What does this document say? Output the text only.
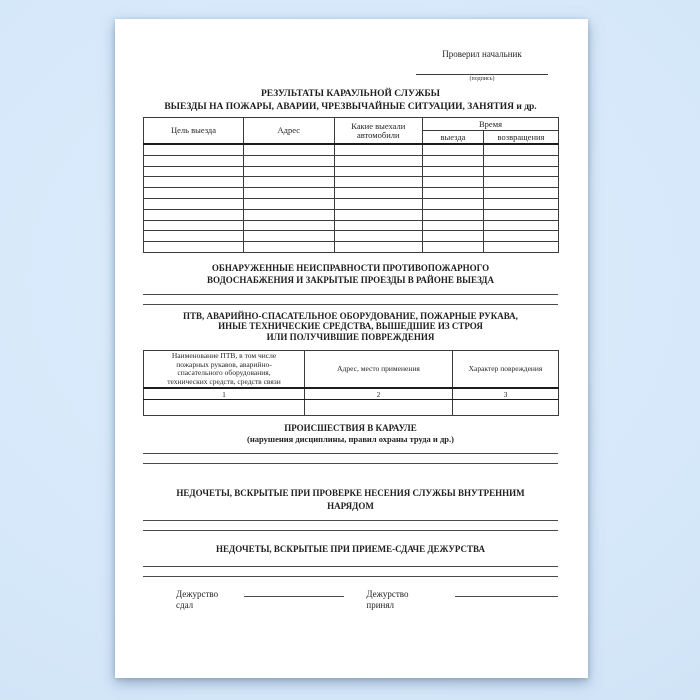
Проверил начальник
(подпись)
РЕЗУЛЬТАТЫ КАРАУЛЬНОЙ СЛУЖБЫ
ВЫЕЗДЫ НА ПОЖАРЫ, АВАРИИ, ЧРЕЗВЫЧАЙНЫЕ СИТУАЦИИ, ЗАНЯТИЯ и др.
Цель выезда	Адрес	Какие выехали автомобили	Время	
			выезда	возвращения

ОБНАРУЖЕННЫЕ НЕИСПРАВНОСТИ ПРОТИВОПОЖАРНОГО
ВОДОСНАБЖЕНИЯ И ЗАКРЫТЫЕ ПРОЕЗДЫ В РАЙОНЕ ВЫЕЗДА
ПТВ, АВАРИЙНО-СПАСАТЕЛЬНОЕ ОБОРУДОВАНИЕ, ПОЖАРНЫЕ РУКАВА,
ИНЫЕ ТЕХНИЧЕСКИЕ СРЕДСТВА, ВЫШЕДШИЕ ИЗ СТРОЯ
ИЛИ ПОЛУЧИВШИЕ ПОВРЕЖДЕНИЯ
Наименование ПТВ, в том числе
пожарных рукавов, аварийно-
спасательного оборудования,
технических средств, средств связи	Адрес, место применения	Характер повреждения
1	2	3

ПРОИСШЕСТВИЯ В КАРАУЛЕ
(нарушения дисциплины, правил охраны труда и др.)
НЕДОЧЕТЫ, ВСКРЫТЫЕ ПРИ ПРОВЕРКЕ НЕСЕНИЯ СЛУЖБЫ ВНУТРЕННИМ
НАРЯДОМ
НЕДОЧЕТЫ, ВСКРЫТЫЕ ПРИ ПРИЕМЕ-СДАЧЕ ДЕЖУРСТВА
Дежурство сдал
Дежурство принял
